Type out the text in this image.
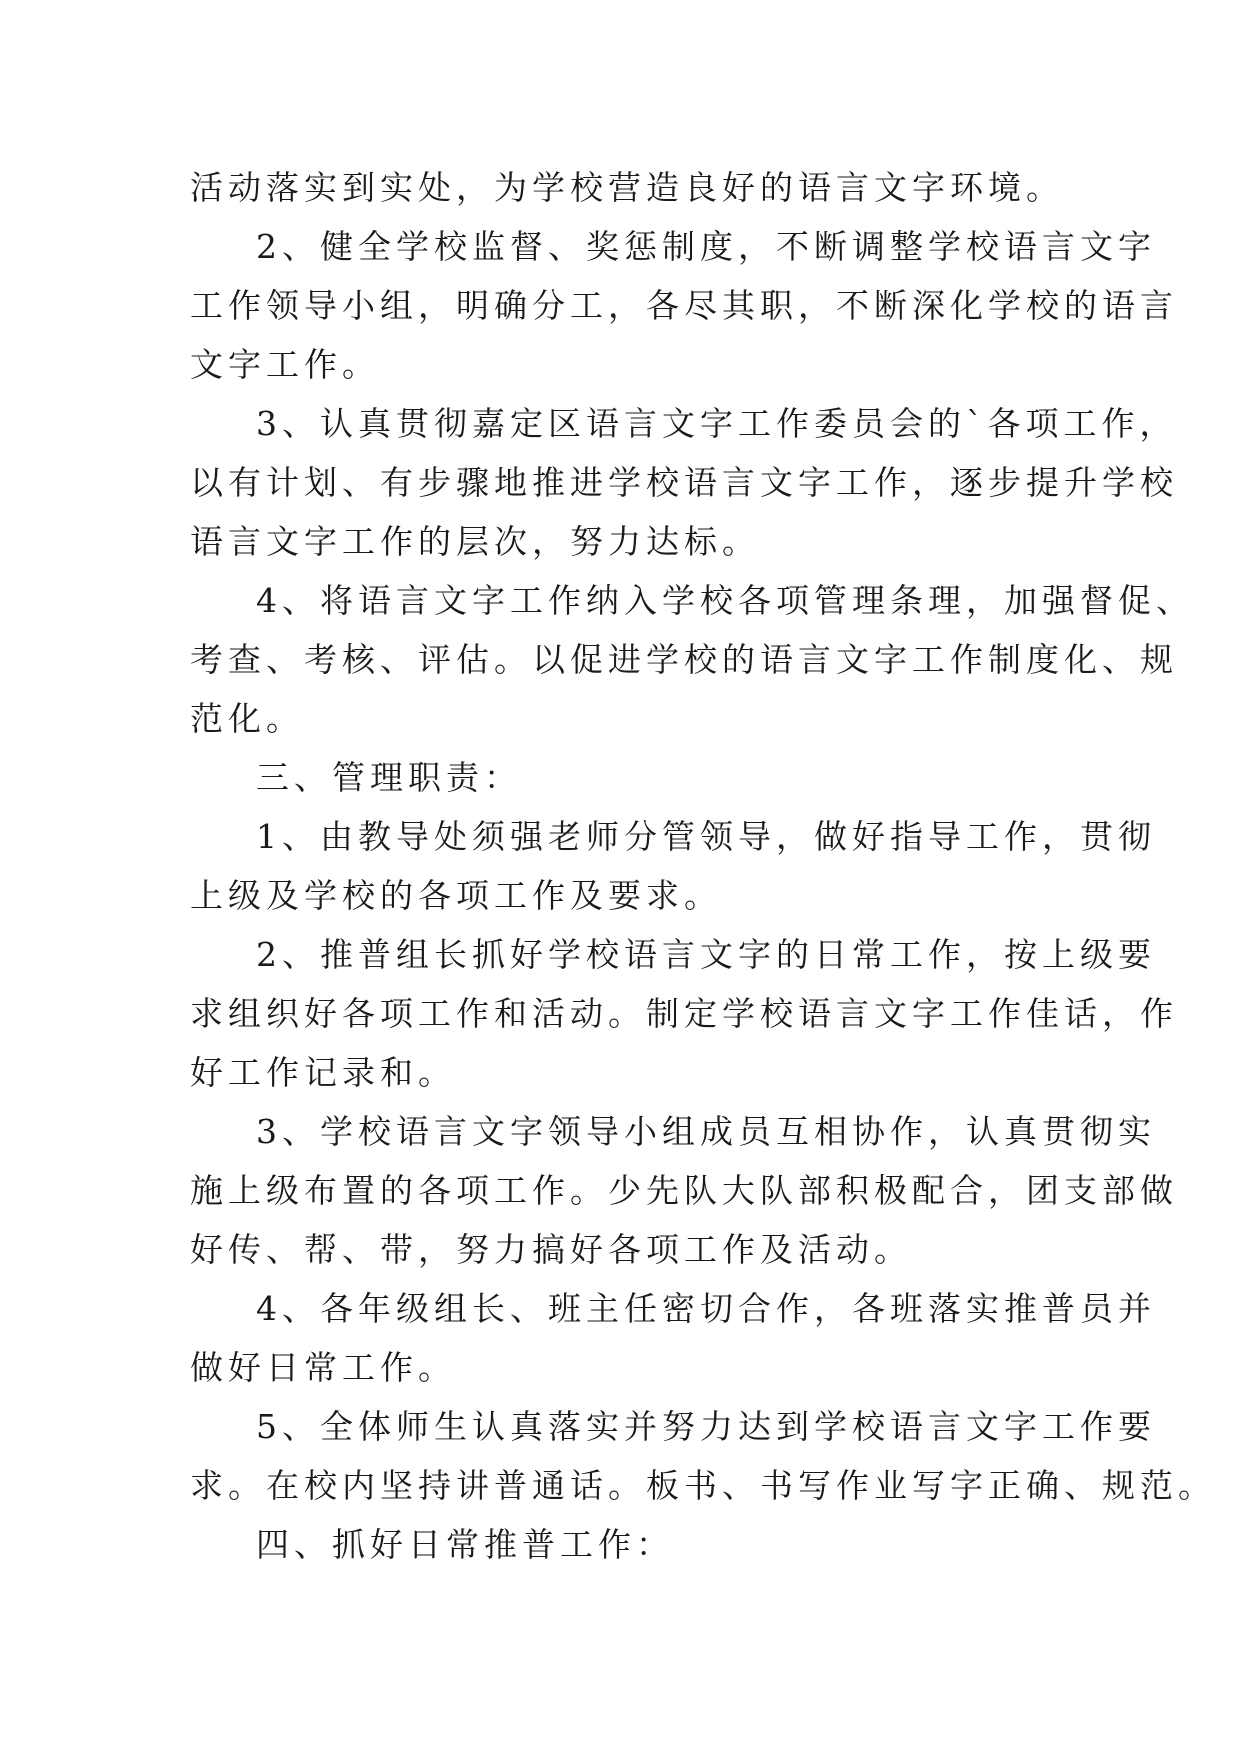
活动落实到实处，为学校营造良好的语言文字环境。

2、健全学校监督、奖惩制度，不断调整学校语言文字
工作领导小组，明确分工，各尽其职，不断深化学校的语言
文字工作。

3、认真贯彻嘉定区语言文字工作委员会的`各项工作，
以有计划、有步骤地推进学校语言文字工作，逐步提升学校
语言文字工作的层次，努力达标。

4、将语言文字工作纳入学校各项管理条理，加强督促、
考查、考核、评估。以促进学校的语言文字工作制度化、规
范化。

三、管理职责：

1、由教导处须强老师分管领导，做好指导工作，贯彻
上级及学校的各项工作及要求。

2、推普组长抓好学校语言文字的日常工作，按上级要
求组织好各项工作和活动。制定学校语言文字工作佳话，作
好工作记录和。

3、学校语言文字领导小组成员互相协作，认真贯彻实
施上级布置的各项工作。少先队大队部积极配合，团支部做
好传、帮、带，努力搞好各项工作及活动。

4、各年级组长、班主任密切合作，各班落实推普员并
做好日常工作。

5、全体师生认真落实并努力达到学校语言文字工作要
求。在校内坚持讲普通话。板书、书写作业写字正确、规范。

四、抓好日常推普工作：
